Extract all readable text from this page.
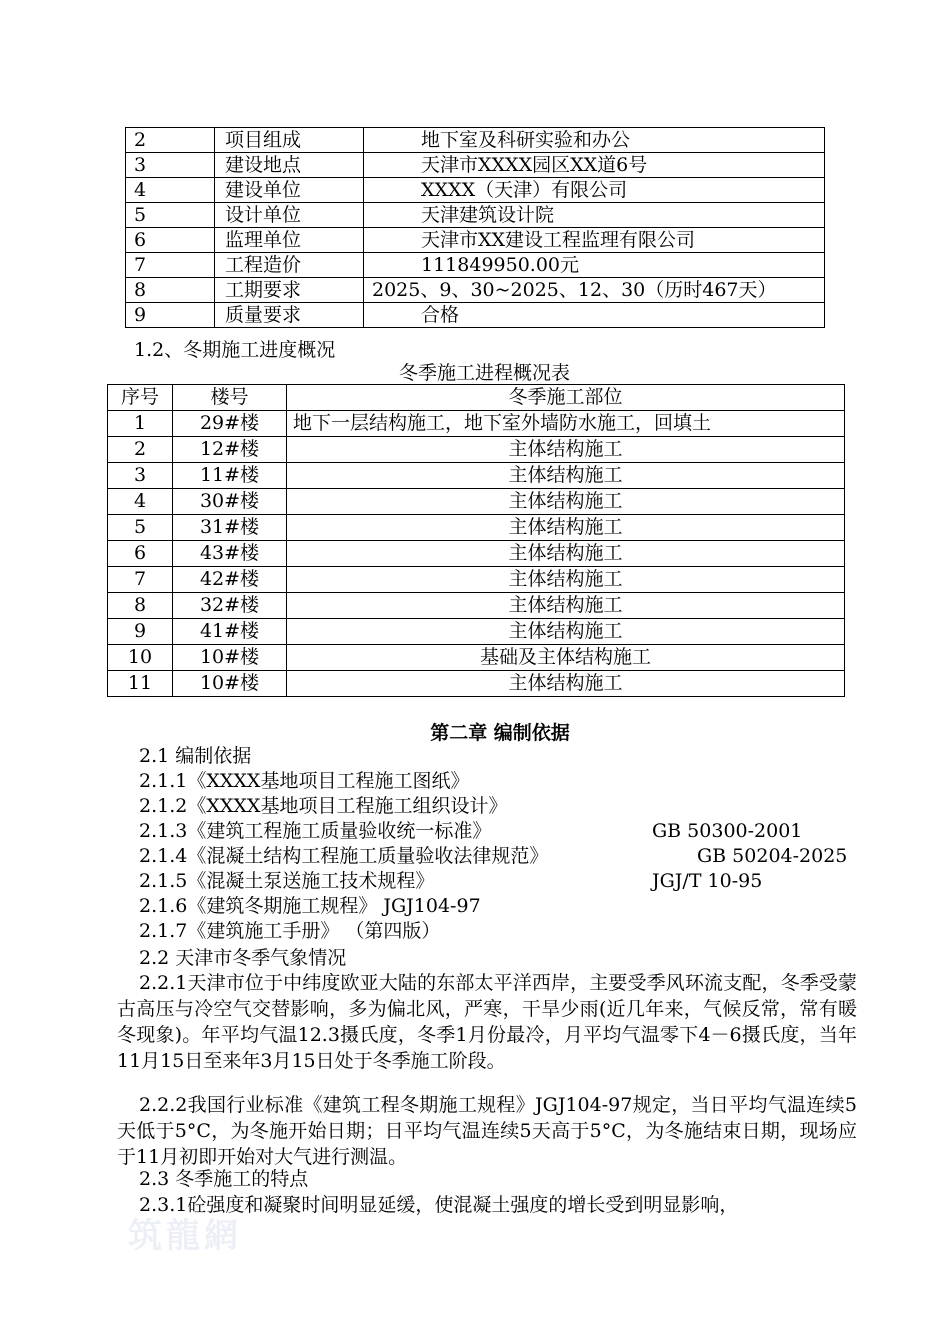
2	项目组成	地下室及科研实验和办公
3	建设地点	天津市XXXX园区XX道6号
4	建设单位	XXXX（天津）有限公司
5	设计单位	天津建筑设计院
6	监理单位	天津市XX建设工程监理有限公司
7	工程造价	111849950.00元
8	工期要求	2025、9、30~2025、12、30（历时467天）
9	质量要求	合格
1.2、冬期施工进度概况
冬季施工进程概况表
序号	楼号	冬季施工部位
1	29#楼	地下一层结构施工，地下室外墙防水施工，回填土
2	12#楼	主体结构施工
3	11#楼	主体结构施工
4	30#楼	主体结构施工
5	31#楼	主体结构施工
6	43#楼	主体结构施工
7	42#楼	主体结构施工
8	32#楼	主体结构施工
9	41#楼	主体结构施工
10	10#楼	基础及主体结构施工
11	10#楼	主体结构施工
第二章 编制依据
2.1 编制依据
2.1.1《XXXX基地项目工程施工图纸》
2.1.2《XXXX基地项目工程施工组织设计》
2.1.3《建筑工程施工质量验收统一标准》	GB 50300-2001
2.1.4《混凝土结构工程施工质量验收法律规范》	GB 50204-2025
2.1.5《混凝土泵送施工技术规程》	JGJ/T 10-95
2.1.6《建筑冬期施工规程》 JGJ104-97
2.1.7《建筑施工手册》 （第四版）
2.2 天津市冬季气象情况
2.2.1天津市位于中纬度欧亚大陆的东部太平洋西岸，主要受季风环流支配，冬季受蒙古高压与冷空气交替影响，多为偏北风，严寒，干旱少雨(近几年来，气候反常，常有暖冬现象)。年平均气温12.3摄氏度，冬季1月份最冷，月平均气温零下4－6摄氏度，当年11月15日至来年3月15日处于冬季施工阶段。
2.2.2我国行业标准《建筑工程冬期施工规程》JGJ104-97规定，当日平均气温连续5天低于5°C，为冬施开始日期；日平均气温连续5天高于5°C，为冬施结束日期，现场应于11月初即开始对大气进行测温。
2.3 冬季施工的特点
2.3.1砼强度和凝聚时间明显延缓，使混凝土强度的增长受到明显影响，
筑龍網
